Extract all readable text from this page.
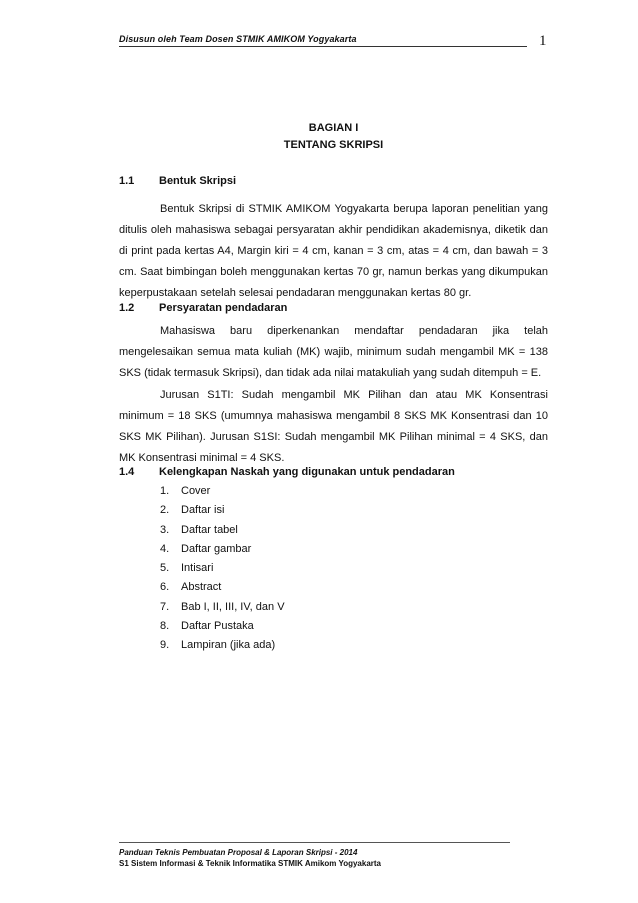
Disusun oleh Team Dosen STMIK AMIKOM Yogyakarta	1
BAGIAN I
TENTANG SKRIPSI
1.1 Bentuk Skripsi

Bentuk Skripsi di STMIK AMIKOM Yogyakarta berupa laporan penelitian yang ditulis oleh mahasiswa sebagai persyaratan akhir pendidikan akademisnya, diketik dan di print pada kertas A4, Margin kiri = 4 cm, kanan = 3 cm, atas = 4 cm, dan bawah = 3 cm. Saat bimbingan boleh menggunakan kertas 70 gr, namun berkas yang dikumpukan keperpustakaan setelah selesai pendadaran menggunakan kertas 80 gr.

1.2 Persyaratan pendadaran

Mahasiswa baru diperkenankan mendaftar pendadaran jika telah mengelesaikan semua mata kuliah (MK) wajib, minimum sudah mengambil MK = 138 SKS (tidak termasuk Skripsi), dan tidak ada nilai matakuliah yang sudah ditempuh = E.

Jurusan S1TI: Sudah mengambil MK Pilihan dan atau MK Konsentrasi minimum = 18 SKS (umumnya mahasiswa mengambil 8 SKS MK Konsentrasi dan 10 SKS MK Pilihan). Jurusan S1SI: Sudah mengambil MK Pilihan minimal = 4 SKS, dan MK Konsentrasi minimal = 4 SKS.

1.4 Kelengkapan Naskah yang digunakan untuk pendadaran
1.	Cover
2.	Daftar isi
3.	Daftar tabel
4.	Daftar gambar
5.	Intisari
6.	Abstract
7.	Bab I, II, III, IV, dan V
8.	Daftar Pustaka
9.	Lampiran (jika ada)
Panduan Teknis Pembuatan Proposal & Laporan Skripsi - 2014
S1 Sistem Informasi & Teknik Informatika STMIK Amikom Yogyakarta
